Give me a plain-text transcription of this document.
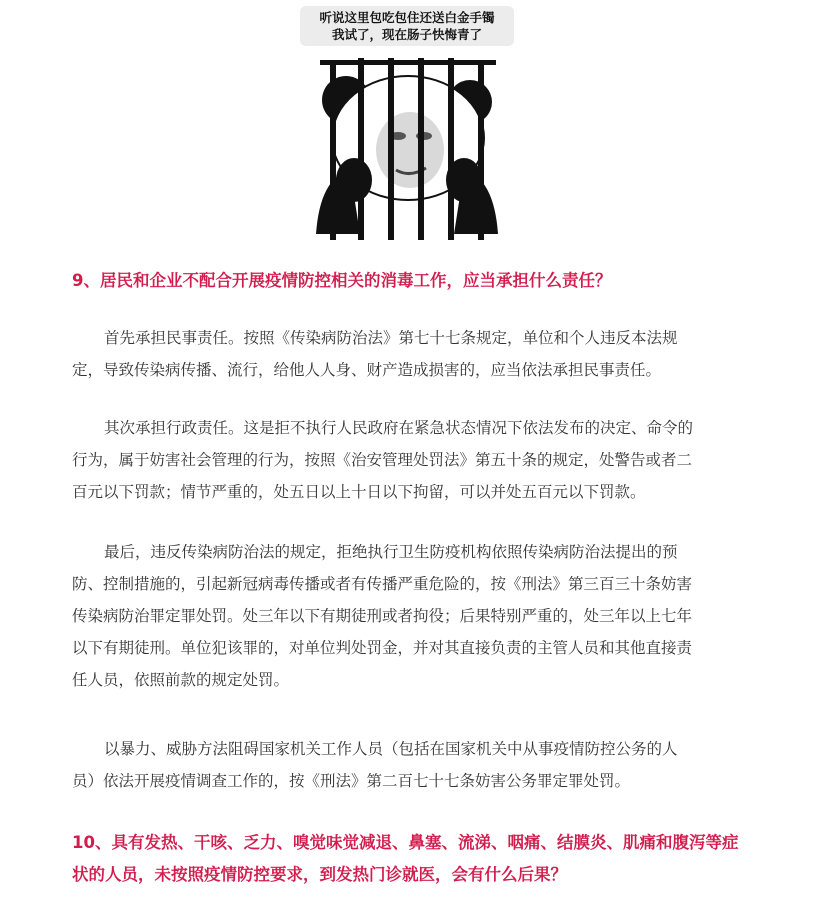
听说这里包吃包住还送白金手镯
我试了，现在肠子快悔青了
9、居民和企业不配合开展疫情防控相关的消毒工作，应当承担什么责任？

首先承担民事责任。按照《传染病防治法》第七十七条规定，单位和个人违反本法规
定，导致传染病传播、流行，给他人人身、财产造成损害的，应当依法承担民事责任。

其次承担行政责任。这是拒不执行人民政府在紧急状态情况下依法发布的决定、命令的
行为，属于妨害社会管理的行为，按照《治安管理处罚法》第五十条的规定，处警告或者二
百元以下罚款；情节严重的，处五日以上十日以下拘留，可以并处五百元以下罚款。

最后，违反传染病防治法的规定，拒绝执行卫生防疫机构依照传染病防治法提出的预
防、控制措施的，引起新冠病毒传播或者有传播严重危险的，按《刑法》第三百三十条妨害
传染病防治罪定罪处罚。处三年以下有期徒刑或者拘役；后果特别严重的，处三年以上七年
以下有期徒刑。单位犯该罪的，对单位判处罚金，并对其直接负责的主管人员和其他直接责
任人员，依照前款的规定处罚。

以暴力、威胁方法阻碍国家机关工作人员（包括在国家机关中从事疫情防控公务的人
员）依法开展疫情调查工作的，按《刑法》第二百七十七条妨害公务罪定罪处罚。

10、具有发热、干咳、乏力、嗅觉味觉减退、鼻塞、流涕、咽痛、结膜炎、肌痛和腹泻等症
状的人员，未按照疫情防控要求，到发热门诊就医，会有什么后果？
